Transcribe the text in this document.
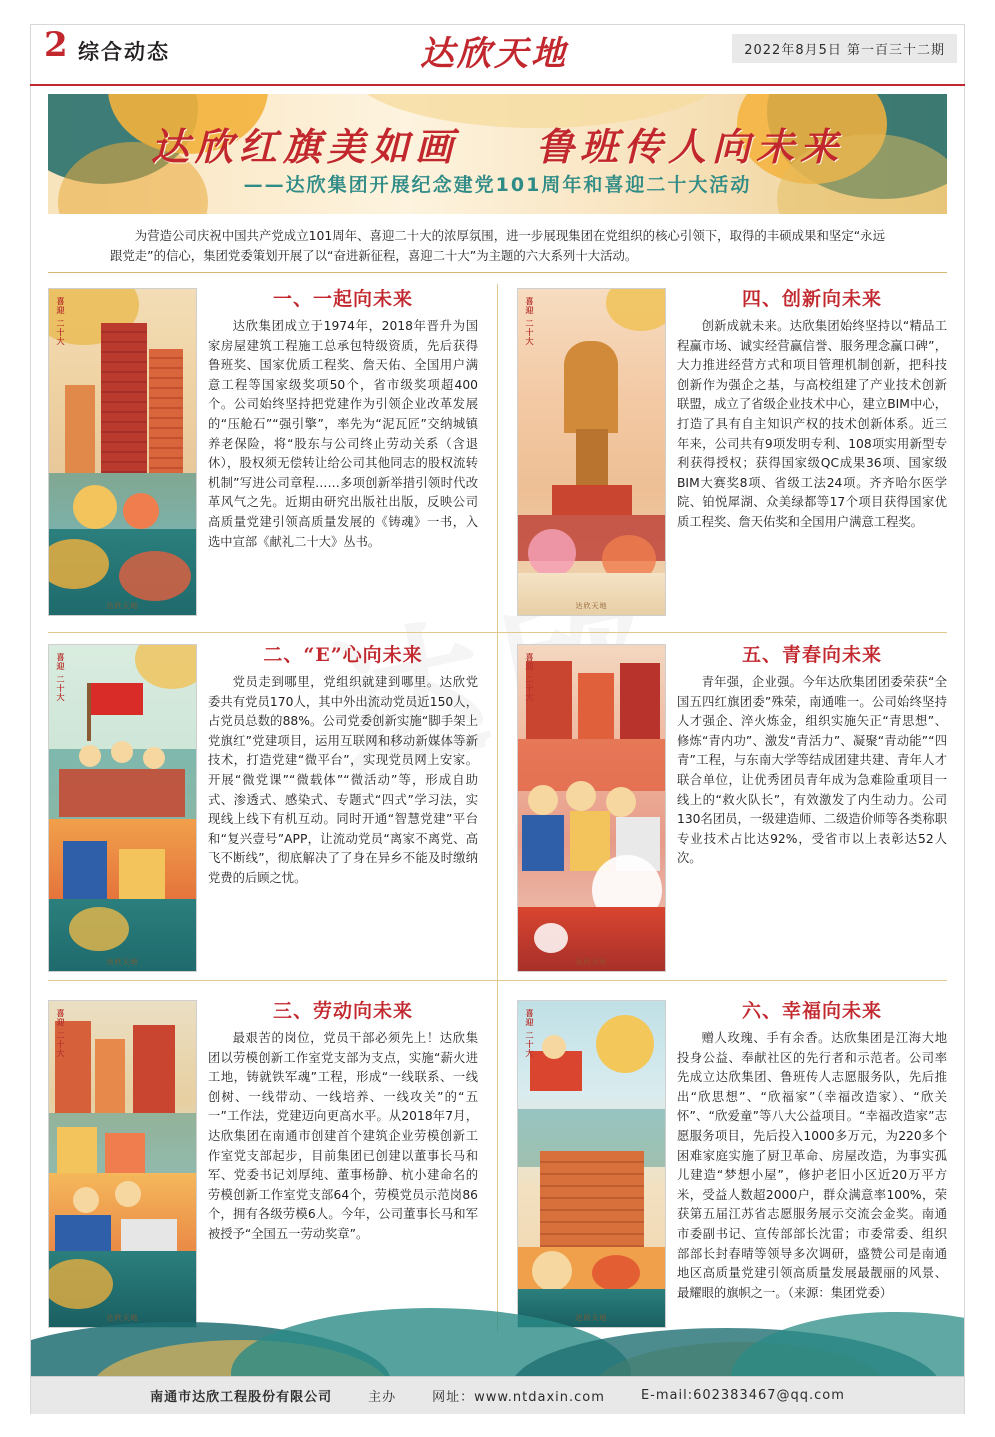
2 综合动态	达欣天地	2022年8月5日 第一百三十二期
达欣红旗美如画    鲁班传人向未来
——达欣集团开展纪念建党101周年和喜迎二十大活动

为营造公司庆祝中国共产党成立101周年、喜迎二十大的浓厚氛围，进一步展现集团在党组织的核心引领下，取得的丰硕成果和坚定“永远跟党走”的信心，集团党委策划开展了以“奋进新征程，喜迎二十大”为主题的六大系列十大活动。

喜迎 二十大
达欣天地
一、一起向未来

达欣集团成立于1974年，2018年晋升为国家房屋建筑工程施工总承包特级资质，先后获得鲁班奖、国家优质工程奖、詹天佑、全国用户满意工程等国家级奖项50个，省市级奖项超400个。公司始终坚持把党建作为引领企业改革发展的“压舱石”“强引擎”，率先为“泥瓦匠”交纳城镇养老保险，将“股东与公司终止劳动关系（含退休），股权须无偿转让给公司其他同志的股权流转机制”写进公司章程……多项创新举措引领时代改革风气之先。近期由研究出版社出版，反映公司高质量党建引领高质量发展的《铸魂》一书，入选中宣部《献礼二十大》丛书。

喜迎 二十大
达欣天地
二、“E”心向未来

党员走到哪里，党组织就建到哪里。达欣党委共有党员170人，其中外出流动党员近150人，占党员总数的88%。公司党委创新实施“脚手架上党旗红”党建项目，运用互联网和移动新媒体等新技术，打造党建“微平台”，实现党员网上安家。开展“微党课”“微载体”“微活动”等，形成自助式、渗透式、感染式、专题式“四式”学习法，实现线上线下有机互动。同时开通“智慧党建”平台和“复兴壹号”APP，让流动党员“离家不离党、高飞不断线”，彻底解决了了身在异乡不能及时缴纳党费的后顾之忧。

喜迎 二十大
达欣天地
三、劳动向未来

最艰苦的岗位，党员干部必须先上！达欣集团以劳模创新工作室党支部为支点，实施“薪火进工地，铸就铁军魂”工程，形成“一线联系、一线创树、一线带动、一线培养、一线攻关”的“五一”工作法，党建迈向更高水平。从2018年7月，达欣集团在南通市创建首个建筑企业劳模创新工作室党支部起步，目前集团已创建以董事长马和军、党委书记刘厚纯、董事杨静、杭小建命名的劳模创新工作室党支部64个，劳模党员示范岗86个，拥有各级劳模6人。今年，公司董事长马和军被授予“全国五一劳动奖章”。

喜迎 二十大
达欣天地
四、创新向未来

创新成就未来。达欣集团始终坚持以“精品工程赢市场、诚实经营赢信誉、服务理念赢口碑”，大力推进经营方式和项目管理机制创新，把科技创新作为强企之基，与高校组建了产业技术创新联盟，成立了省级企业技术中心，建立BIM中心，打造了具有自主知识产权的技术创新体系。近三年来，公司共有9项发明专利、108项实用新型专利获得授权；获得国家级QC成果36项、国家级BIM大赛奖8项、省级工法24项。齐齐哈尔医学院、铂悦犀湖、众美绿都等17个项目获得国家优质工程奖、詹天佑奖和全国用户满意工程奖。

喜迎 二十大
达欣天地
五、青春向未来

青年强，企业强。今年达欣集团团委荣获“全国五四红旗团委”殊荣，南通唯一。公司始终坚持人才强企、淬火炼金，组织实施矢正“青思想”、修炼“青内功”、激发“青活力”、凝聚“青动能”“四青”工程，与东南大学等结成团建共建、青年人才联合单位，让优秀团员青年成为急难险重项目一线上的“救火队长”，有效激发了内生动力。公司130名团员，一级建造师、二级造价师等各类称职专业技术占比达92%，受省市以上表彰达52人次。

喜迎 二十大
达欣天地
六、幸福向未来

赠人玫瑰、手有余香。达欣集团是江海大地投身公益、奉献社区的先行者和示范者。公司率先成立达欣集团、鲁班传人志愿服务队，先后推出“欣思想”、“欣福家”（幸福改造家）、“欣关怀”、“欣爱童”等八大公益项目。“幸福改造家”志愿服务项目，先后投入1000多万元，为220多个困难家庭实施了厨卫革命、房屋改造，为事实孤儿建造“梦想小屋”，修护老旧小区近20万平方米，受益人数超2000户，群众满意率100%，荣获第五届江苏省志愿服务展示交流会金奖。南通市委副书记、宣传部部长沈雷；市委常委、组织部部长封春晴等领导多次调研，盛赞公司是南通地区高质量党建引领高质量发展最靓丽的风景、最耀眼的旗帜之一。（来源：集团党委）

南通市达欣工程股份有限公司	主办	网址：www.ntdaxin.com	E-mail:602383467@qq.com
